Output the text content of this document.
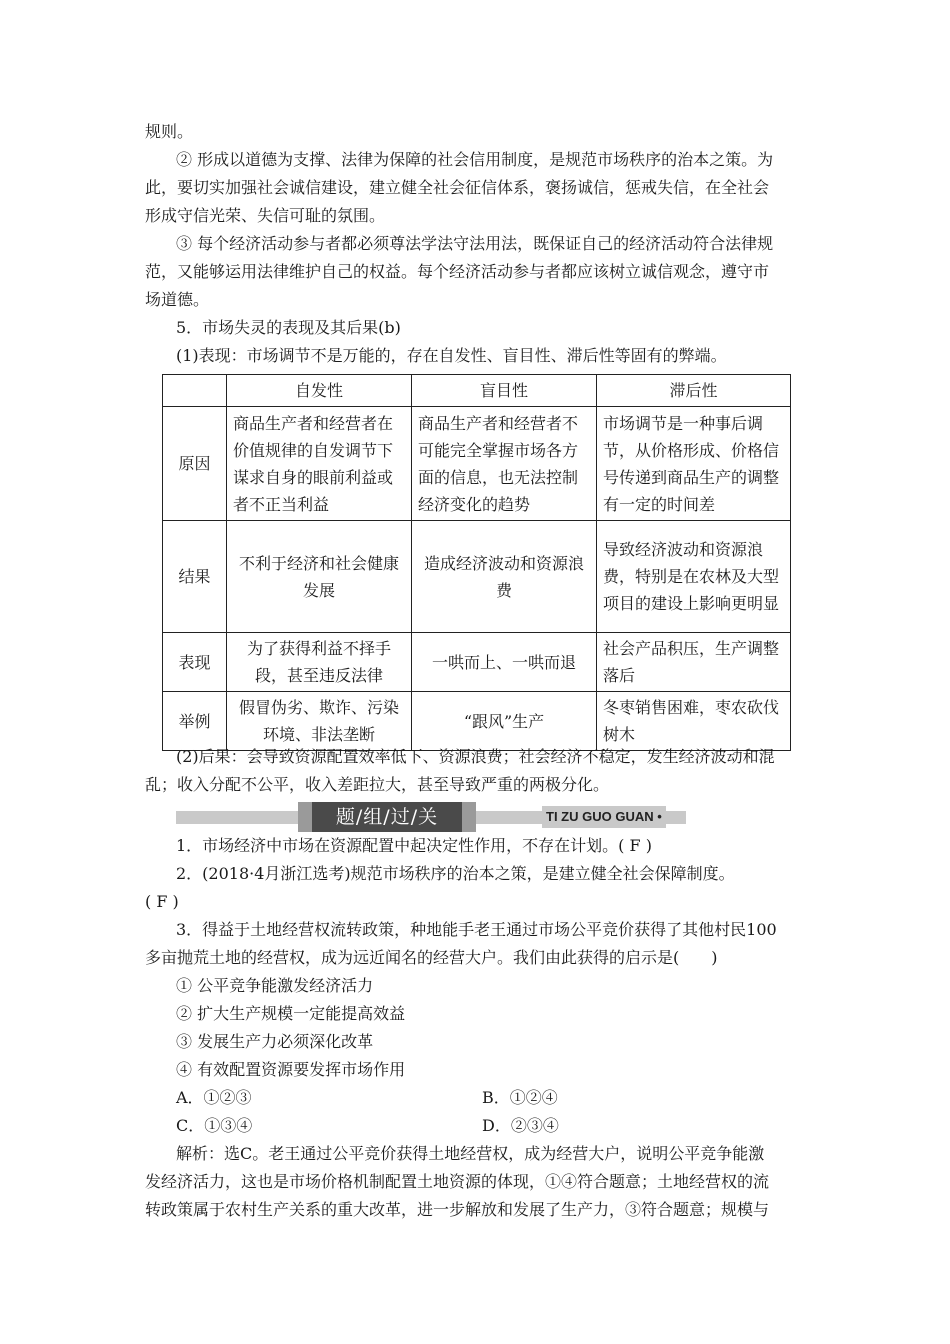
规则。
② 形成以道德为支撑、法律为保障的社会信用制度，是规范市场秩序的治本之策。为
此，要切实加强社会诚信建设，建立健全社会征信体系，褒扬诚信，惩戒失信，在全社会
形成守信光荣、失信可耻的氛围。
③ 每个经济活动参与者都必须尊法学法守法用法，既保证自己的经济活动符合法律规
范，又能够运用法律维护自己的权益。每个经济活动参与者都应该树立诚信观念，遵守市
场道德。
5．市场失灵的表现及其后果(b)
(1)表现：市场调节不是万能的，存在自发性、盲目性、滞后性等固有的弊端。
	自发性	盲目性	滞后性
原因	商品生产者和经营者在价值规律的自发调节下谋求自身的眼前利益或者不正当利益	商品生产者和经营者不可能完全掌握市场各方面的信息，也无法控制经济变化的趋势	市场调节是一种事后调节，从价格形成、价格信号传递到商品生产的调整有一定的时间差
结果	不利于经济和社会健康发展	造成经济波动和资源浪费	导致经济波动和资源浪费，特别是在农林及大型项目的建设上影响更明显
表现	为了获得利益不择手段，甚至违反法律	一哄而上、一哄而退	社会产品积压，生产调整落后
举例	假冒伪劣、欺诈、污染环境、非法垄断	“跟风”生产	冬枣销售困难，枣农砍伐树木
(2)后果：会导致资源配置效率低下、资源浪费；社会经济不稳定，发生经济波动和混
乱；收入分配不公平，收入差距拉大，甚至导致严重的两极分化。
题/组/过/关	TI ZU GUO GUAN •
1．市场经济中市场在资源配置中起决定性作用，不存在计划。( F )
2．(2018·4月浙江选考)规范市场秩序的治本之策，是建立健全社会保障制度。
( F )
3．得益于土地经营权流转政策，种地能手老王通过市场公平竞价获得了其他村民100
多亩抛荒土地的经营权，成为远近闻名的经营大户。我们由此获得的启示是(　　)
① 公平竞争能激发经济活力
② 扩大生产规模一定能提高效益
③ 发展生产力必须深化改革
④ 有效配置资源要发挥市场作用
A．①②③	B．①②④
C．①③④	D．②③④
解析：选C。老王通过公平竞价获得土地经营权，成为经营大户，说明公平竞争能激
发经济活力，这也是市场价格机制配置土地资源的体现，①④符合题意；土地经营权的流
转政策属于农村生产关系的重大改革，进一步解放和发展了生产力，③符合题意；规模与
